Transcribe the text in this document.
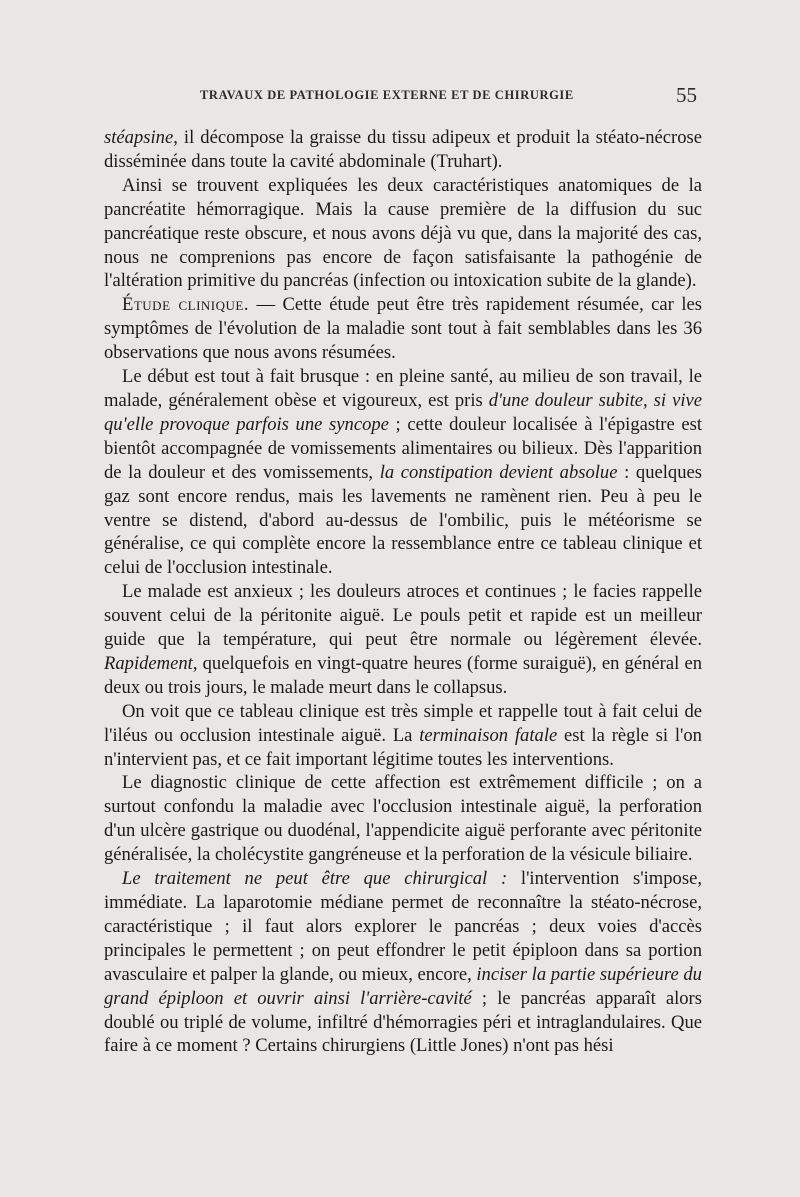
TRAVAUX DE PATHOLOGIE EXTERNE ET DE CHIRURGIE	55

stéapsine, il décompose la graisse du tissu adipeux et produit la stéato-nécrose disséminée dans toute la cavité abdominale (Truhart).

Ainsi se trouvent expliquées les deux caractéristiques anatomiques de la pancréatite hémorragique. Mais la cause première de la diffusion du suc pancréatique reste obscure, et nous avons déjà vu que, dans la majorité des cas, nous ne comprenions pas encore de façon satisfaisante la pathogénie de l'altération primitive du pancréas (infection ou intoxication subite de la glande).

Étude clinique. — Cette étude peut être très rapidement résumée, car les symptômes de l'évolution de la maladie sont tout à fait semblables dans les 36 observations que nous avons résumées.

Le début est tout à fait brusque : en pleine santé, au milieu de son travail, le malade, généralement obèse et vigoureux, est pris d'une douleur subite, si vive qu'elle provoque parfois une syncope ; cette douleur localisée à l'épigastre est bientôt accompagnée de vomissements alimentaires ou bilieux. Dès l'apparition de la douleur et des vomissements, la constipation devient absolue : quelques gaz sont encore rendus, mais les lavements ne ramènent rien. Peu à peu le ventre se distend, d'abord au-dessus de l'ombilic, puis le météorisme se généralise, ce qui complète encore la ressemblance entre ce tableau clinique et celui de l'occlusion intestinale.

Le malade est anxieux ; les douleurs atroces et continues ; le facies rappelle souvent celui de la péritonite aiguë. Le pouls petit et rapide est un meilleur guide que la température, qui peut être normale ou légèrement élevée. Rapidement, quelquefois en vingt-quatre heures (forme suraiguë), en général en deux ou trois jours, le malade meurt dans le collapsus.

On voit que ce tableau clinique est très simple et rappelle tout à fait celui de l'iléus ou occlusion intestinale aiguë. La terminaison fatale est la règle si l'on n'intervient pas, et ce fait important légitime toutes les interventions.

Le diagnostic clinique de cette affection est extrêmement difficile ; on a surtout confondu la maladie avec l'occlusion intestinale aiguë, la perforation d'un ulcère gastrique ou duodénal, l'appendicite aiguë perforante avec péritonite généralisée, la cholécystite gangréneuse et la perforation de la vésicule biliaire.

Le traitement ne peut être que chirurgical : l'intervention s'impose, immédiate. La laparotomie médiane permet de reconnaître la stéato-nécrose, caractéristique ; il faut alors explorer le pancréas ; deux voies d'accès principales le permettent ; on peut effondrer le petit épiploon dans sa portion avasculaire et palper la glande, ou mieux, encore, inciser la partie supérieure du grand épiploon et ouvrir ainsi l'arrière-cavité ; le pancréas apparaît alors doublé ou triplé de volume, infiltré d'hémorragies péri et intraglandulaires. Que faire à ce moment ? Certains chirurgiens (Little Jones) n'ont pas hési
